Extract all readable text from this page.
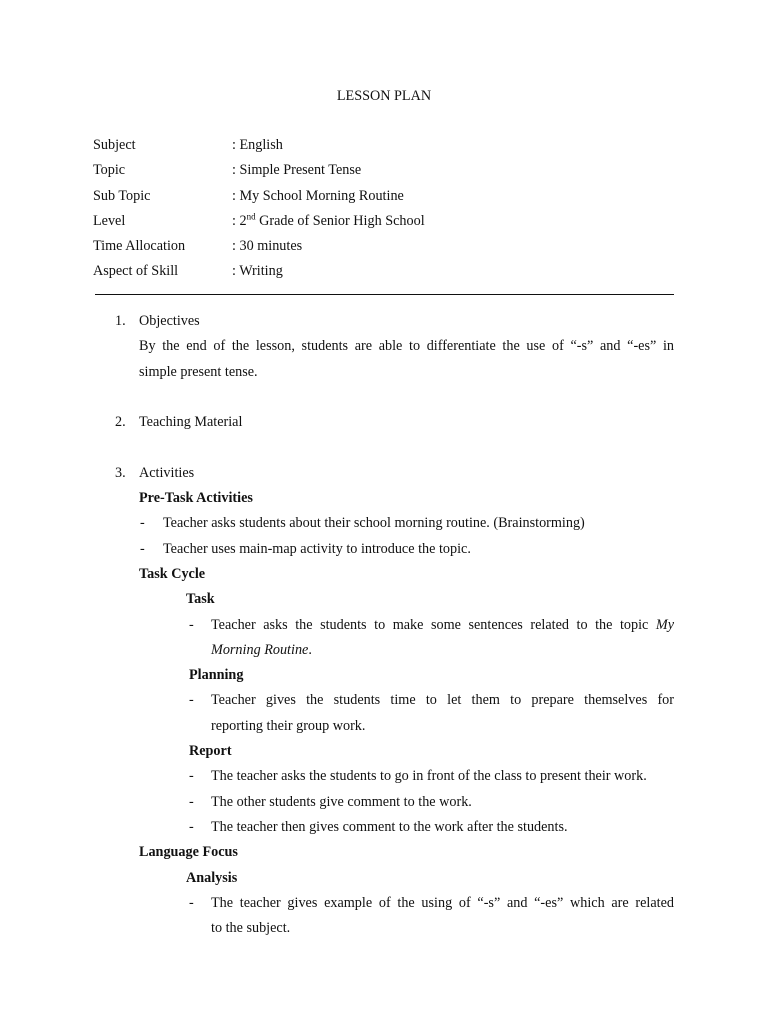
LESSON PLAN
Subject	: English
Topic	: Simple Present Tense
Sub Topic	: My School Morning Routine
Level	: 2nd Grade of Senior High School
Time Allocation	: 30 minutes
Aspect of Skill	: Writing
1. Objectives
By the end of the lesson, students are able to differentiate the use of “-s” and “-es” in
simple present tense.
2. Teaching Material
3. Activities
Pre-Task Activities
- Teacher asks students about their school morning routine. (Brainstorming)
- Teacher uses main-map activity to introduce the topic.
Task Cycle
Task
- Teacher asks the students to make some sentences related to the topic My
Morning Routine.
Planning
- Teacher gives the students time to let them to prepare themselves for
reporting their group work.
Report
- The teacher asks the students to go in front of the class to present their work.
- The other students give comment to the work.
- The teacher then gives comment to the work after the students.
Language Focus
Analysis
- The teacher gives example of the using of “-s” and “-es” which are related
to the subject.
